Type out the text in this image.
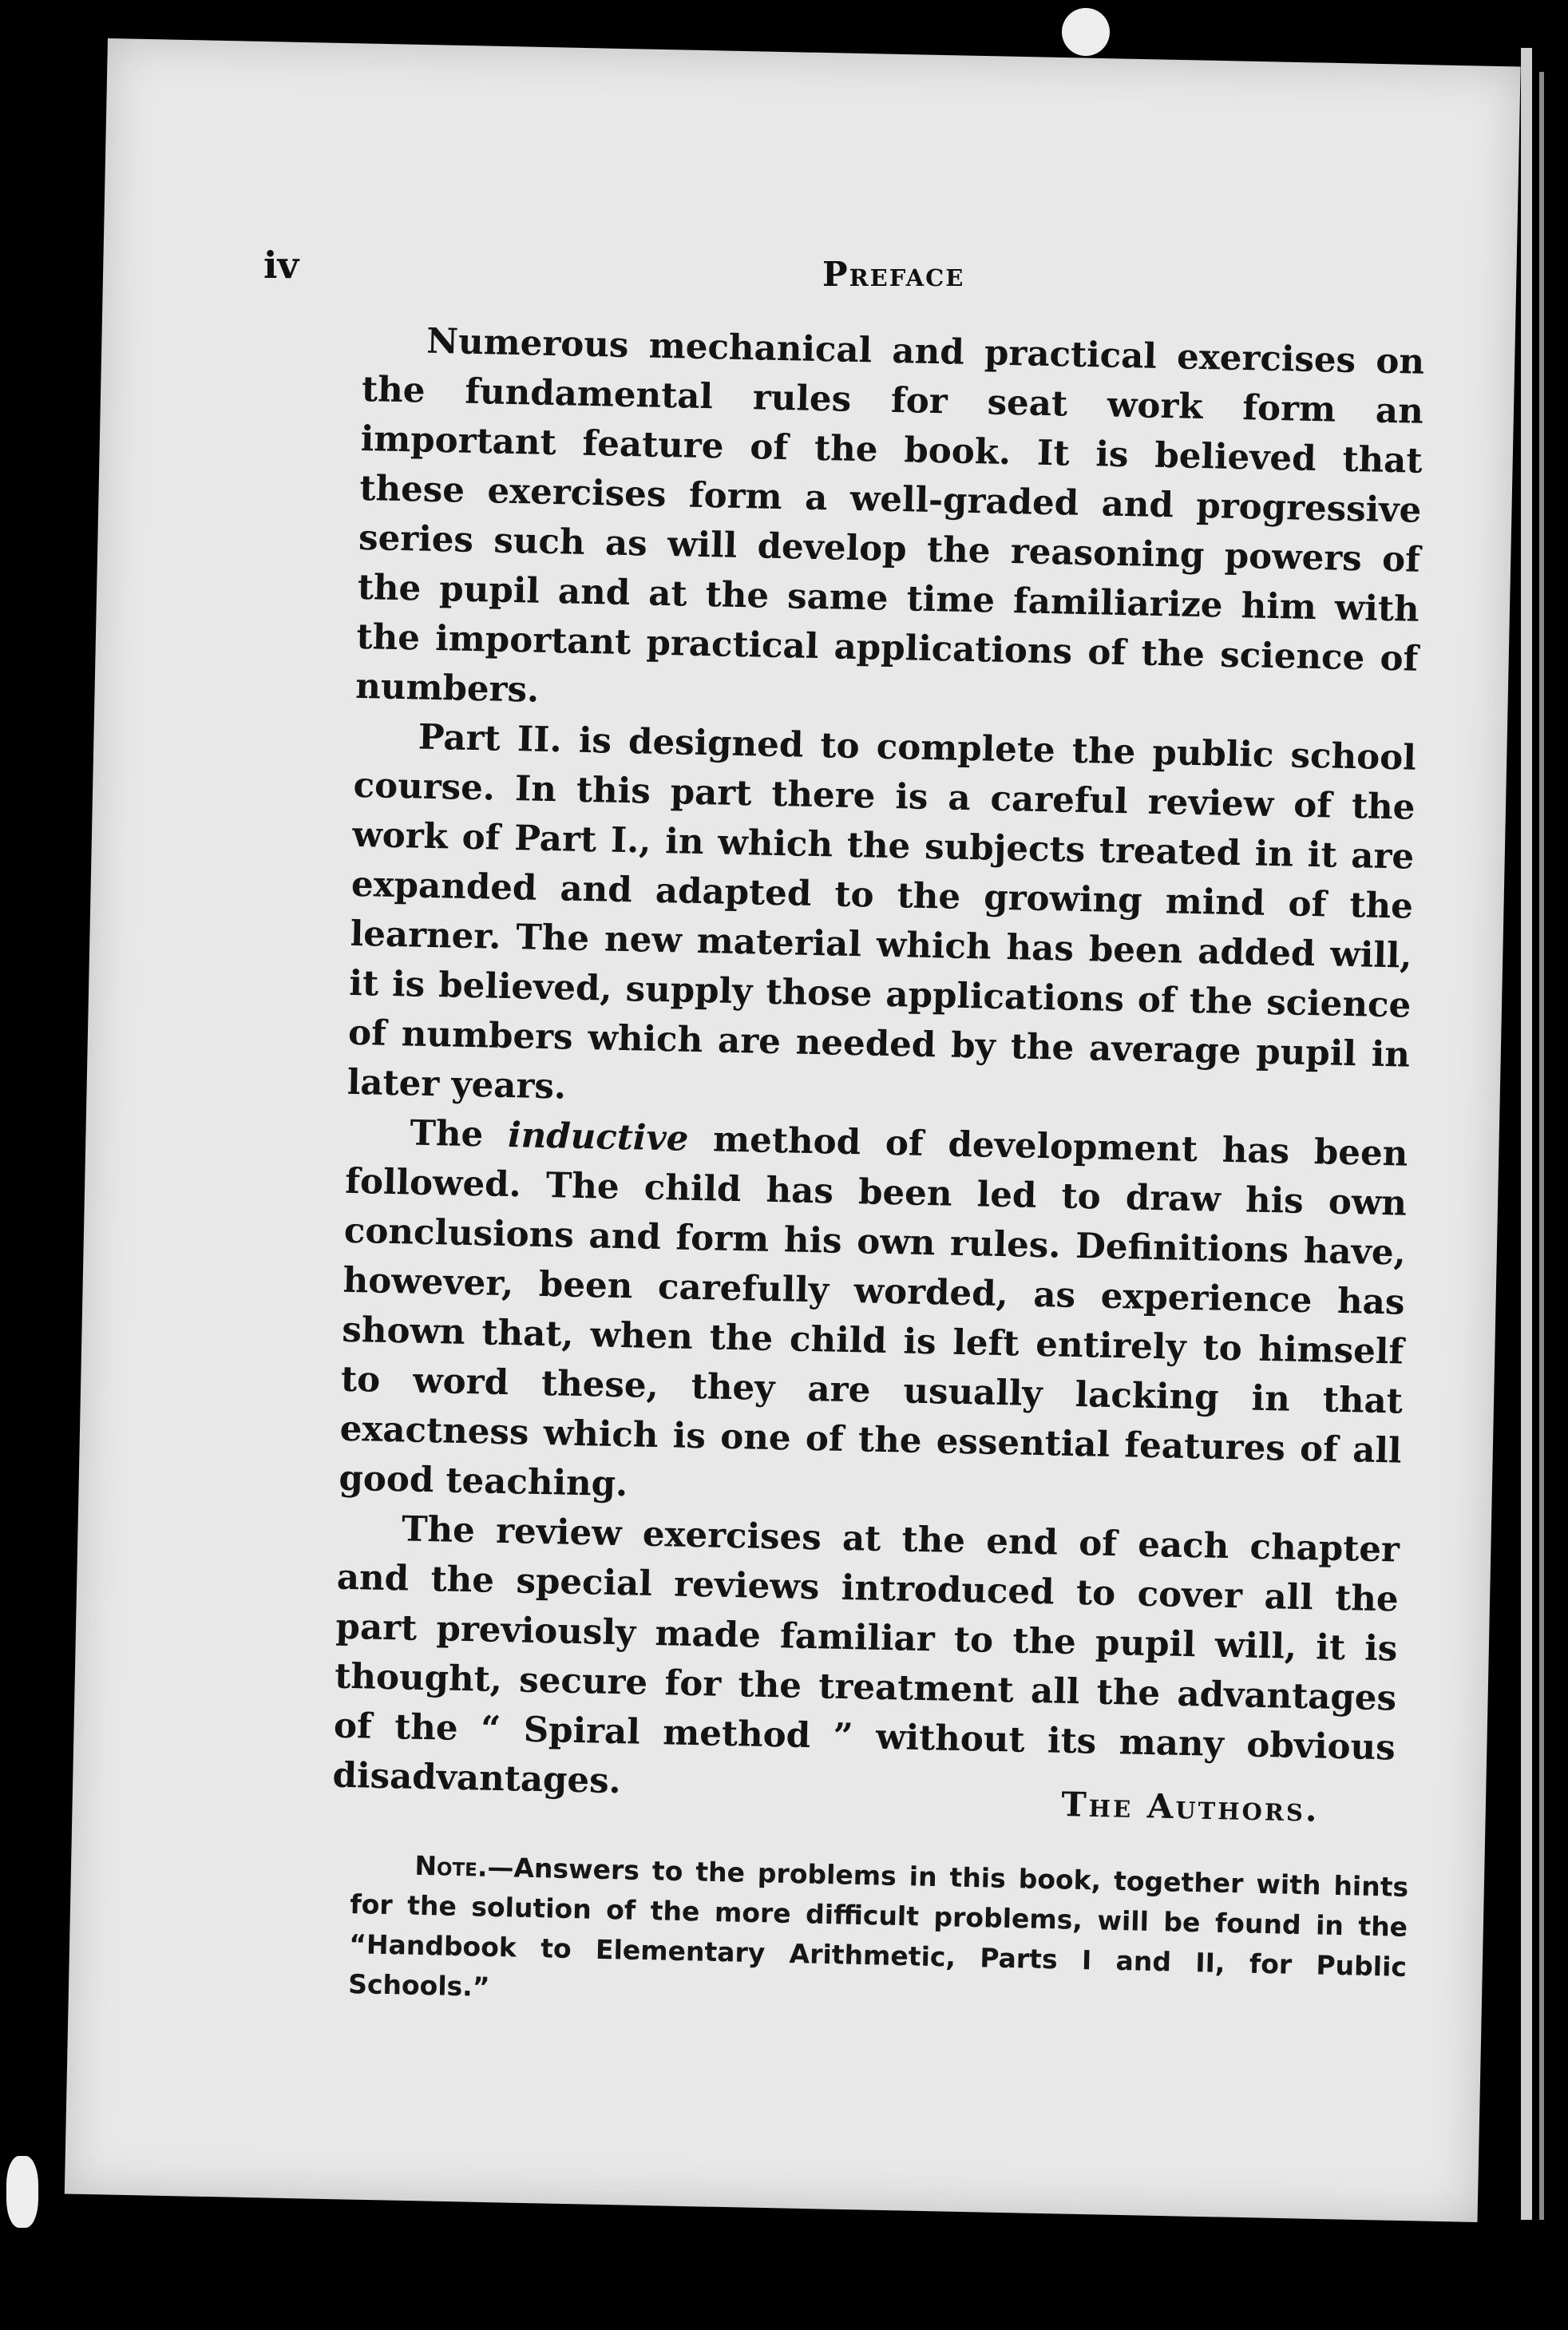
iv	Preface

Numerous mechanical and practical exercises on the fundamental rules for seat work form an important feature of the book. It is believed that these exercises form a well-graded and progressive series such as will develop the reasoning powers of the pupil and at the same time familiarize him with the important practical applications of the science of numbers.

Part II. is designed to complete the public school course. In this part there is a careful review of the work of Part I., in which the subjects treated in it are expanded and adapted to the growing mind of the learner. The new material which has been added will, it is believed, supply those applications of the science of numbers which are needed by the average pupil in later years.

The inductive method of development has been followed. The child has been led to draw his own conclusions and form his own rules. Definitions have, however, been carefully worded, as experience has shown that, when the child is left entirely to himself to word these, they are usually lacking in that exactness which is one of the essential features of all good teaching.

The review exercises at the end of each chapter and the special reviews introduced to cover all the part previously made familiar to the pupil will, it is thought, secure for the treatment all the advantages of the “ Spiral method ” without its many obvious disadvantages.

The Authors.
Note.—Answers to the problems in this book, together with hints for the solution of the more difficult problems, will be found in the “Handbook to Elementary Arithmetic, Parts I and II, for Public Schools.”
